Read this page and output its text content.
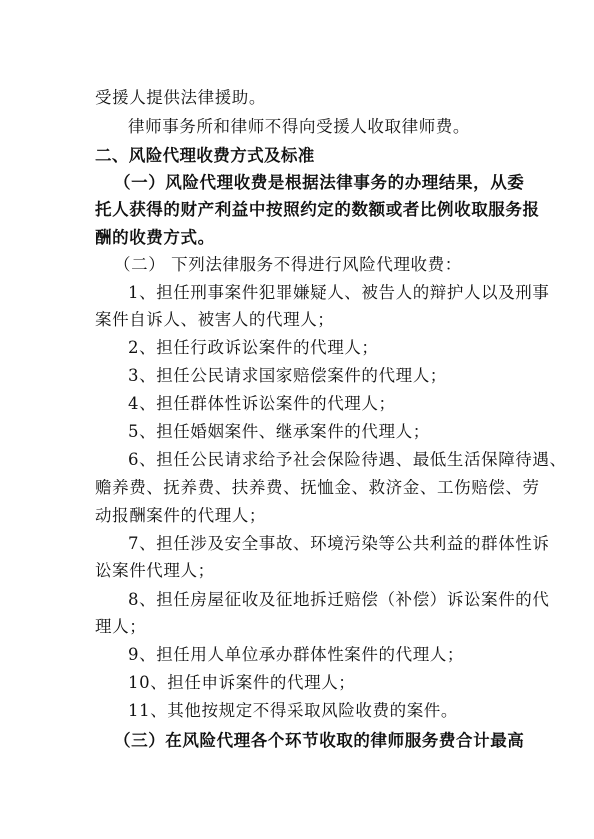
受援人提供法律援助。
律师事务所和律师不得向受援人收取律师费。
二、风险代理收费方式及标准
（一）风险代理收费是根据法律事务的办理结果，从委
托人获得的财产利益中按照约定的数额或者比例收取服务报
酬的收费方式。
（二） 下列法律服务不得进行风险代理收费：
1、担任刑事案件犯罪嫌疑人、被告人的辩护人以及刑事
案件自诉人、被害人的代理人；
2、担任行政诉讼案件的代理人；
3、担任公民请求国家赔偿案件的代理人；
4、担任群体性诉讼案件的代理人；
5、担任婚姻案件、继承案件的代理人；
6、担任公民请求给予社会保险待遇、最低生活保障待遇、
赡养费、抚养费、扶养费、抚恤金、救济金、工伤赔偿、劳
动报酬案件的代理人；
7、担任涉及安全事故、环境污染等公共利益的群体性诉
讼案件代理人；
8、担任房屋征收及征地拆迁赔偿（补偿）诉讼案件的代
理人；
9、担任用人单位承办群体性案件的代理人；
10、担任申诉案件的代理人；
11、其他按规定不得采取风险收费的案件。
（三）在风险代理各个环节收取的律师服务费合计最高
